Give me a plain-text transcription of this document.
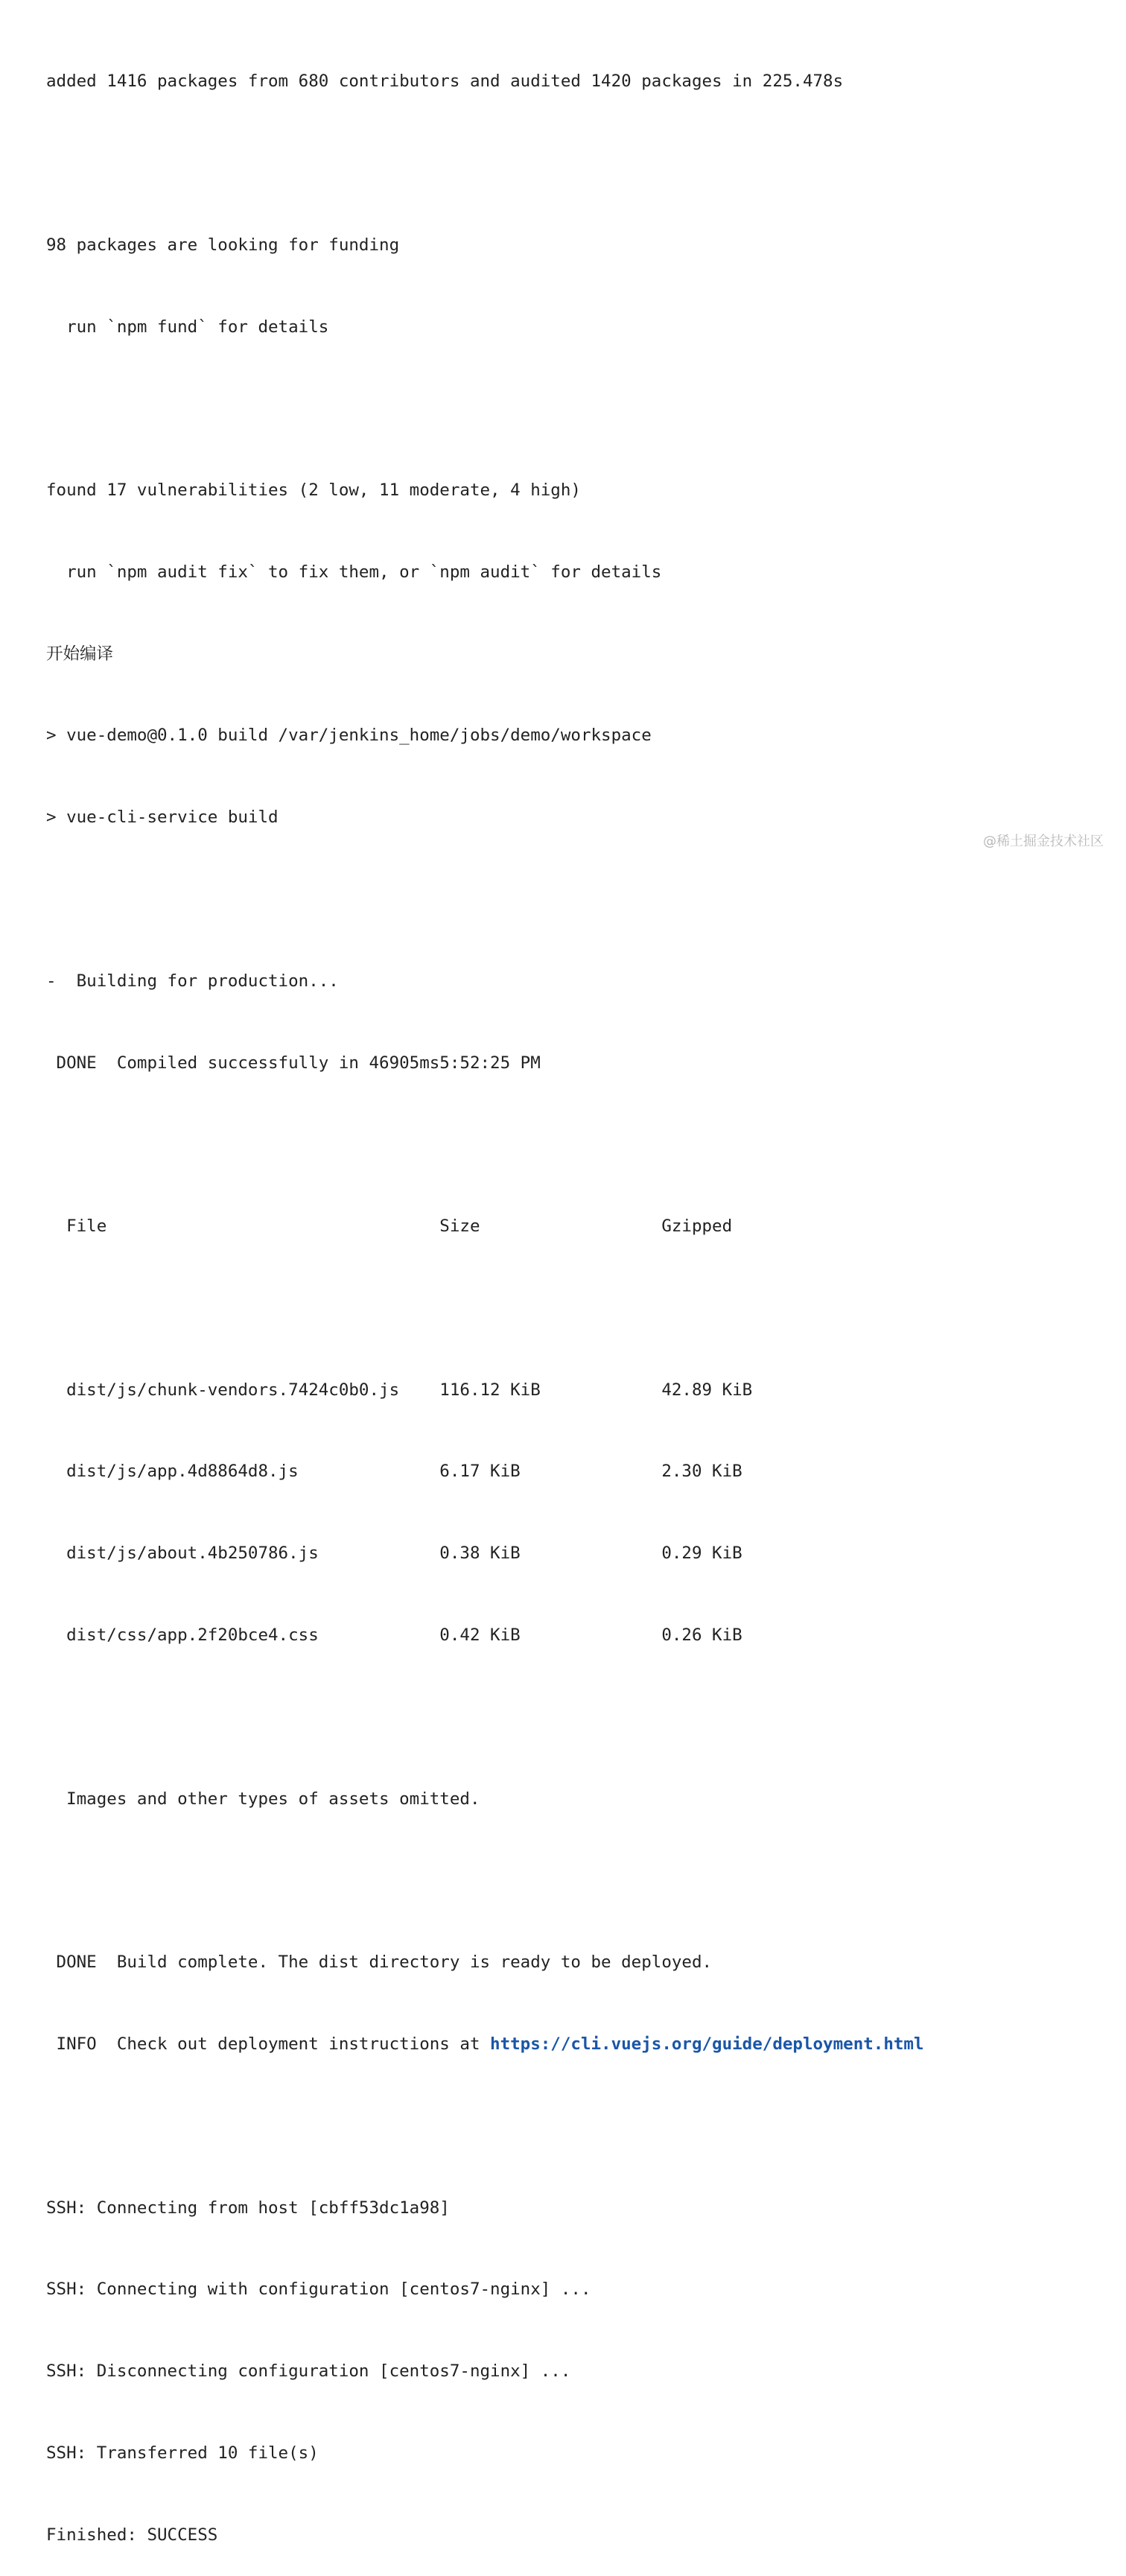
added 1416 packages from 680 contributors and audited 1420 packages in 225.478s

98 packages are looking for funding

run `npm fund` for details

found 17 vulnerabilities (2 low, 11 moderate, 4 high)

run `npm audit fix` to fix them, or `npm audit` for details

开始编译

> vue-demo@0.1.0 build /var/jenkins_home/jobs/demo/workspace

> vue-cli-service build

-  Building for production...

DONE  Compiled successfully in 46905ms5:52:25 PM

File                                 Size                  Gzipped

dist/js/chunk-vendors.7424c0b0.js    116.12 KiB            42.89 KiB

dist/js/app.4d8864d8.js              6.17 KiB              2.30 KiB

dist/js/about.4b250786.js            0.38 KiB              0.29 KiB

dist/css/app.2f20bce4.css            0.42 KiB              0.26 KiB

Images and other types of assets omitted.

DONE  Build complete. The dist directory is ready to be deployed.

INFO  Check out deployment instructions at https://cli.vuejs.org/guide/deployment.html

SSH: Connecting from host [cbff53dc1a98]

SSH: Connecting with configuration [centos7-nginx] ...

SSH: Disconnecting configuration [centos7-nginx] ...

SSH: Transferred 10 file(s)

Finished: SUCCESS

@稀土掘金技术社区
